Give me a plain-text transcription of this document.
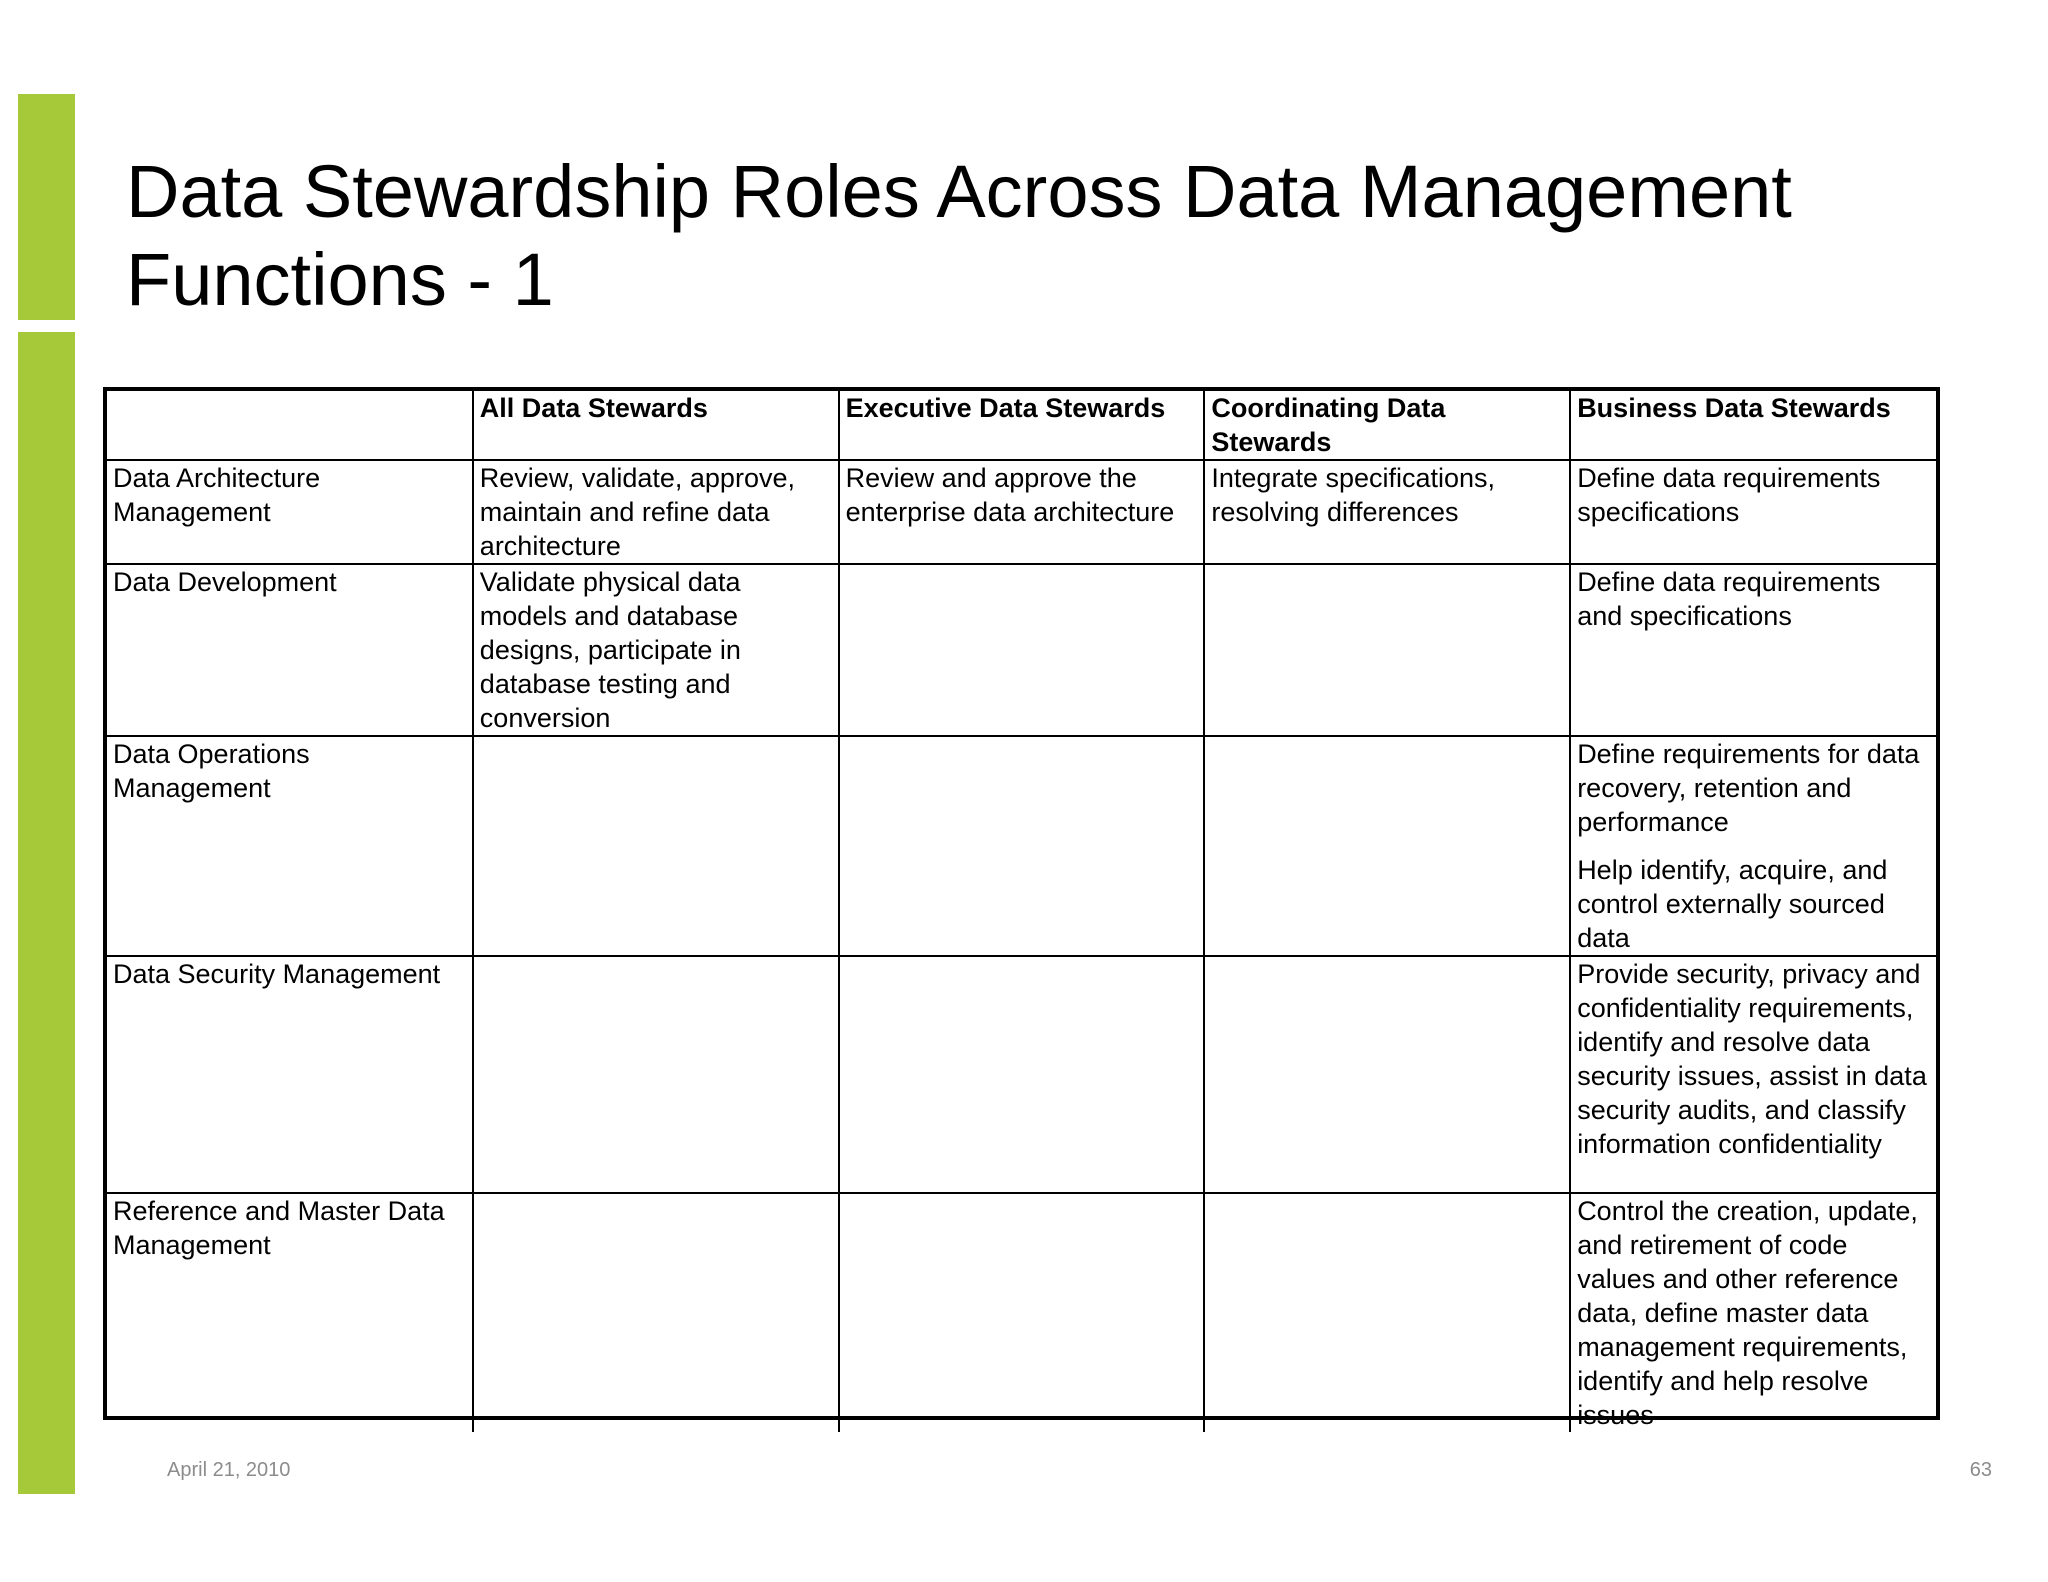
Data Stewardship Roles Across Data Management
Functions - 1
	All Data Stewards	Executive Data Stewards	Coordinating Data Stewards	Business Data Stewards
Data Architecture Management	Review, validate, approve, maintain and refine data architecture	Review and approve the enterprise data architecture	Integrate specifications, resolving differences	Define data requirements specifications

Data Development	Validate physical data models and database designs, participate in database testing and conversion			Define data requirements and specifications

Data Operations Management				Define requirements for data recovery, retention and performance
Help identify, acquire, and control externally sourced data

Data Security Management				Provide security, privacy and confidentiality requirements, identify and resolve data security issues, assist in data security audits, and classify information confidentiality

Reference and Master Data Management				Control the creation, update, and retirement of code values and other reference data, define master data management requirements, identify and help resolve issues
April 21, 2010	63
